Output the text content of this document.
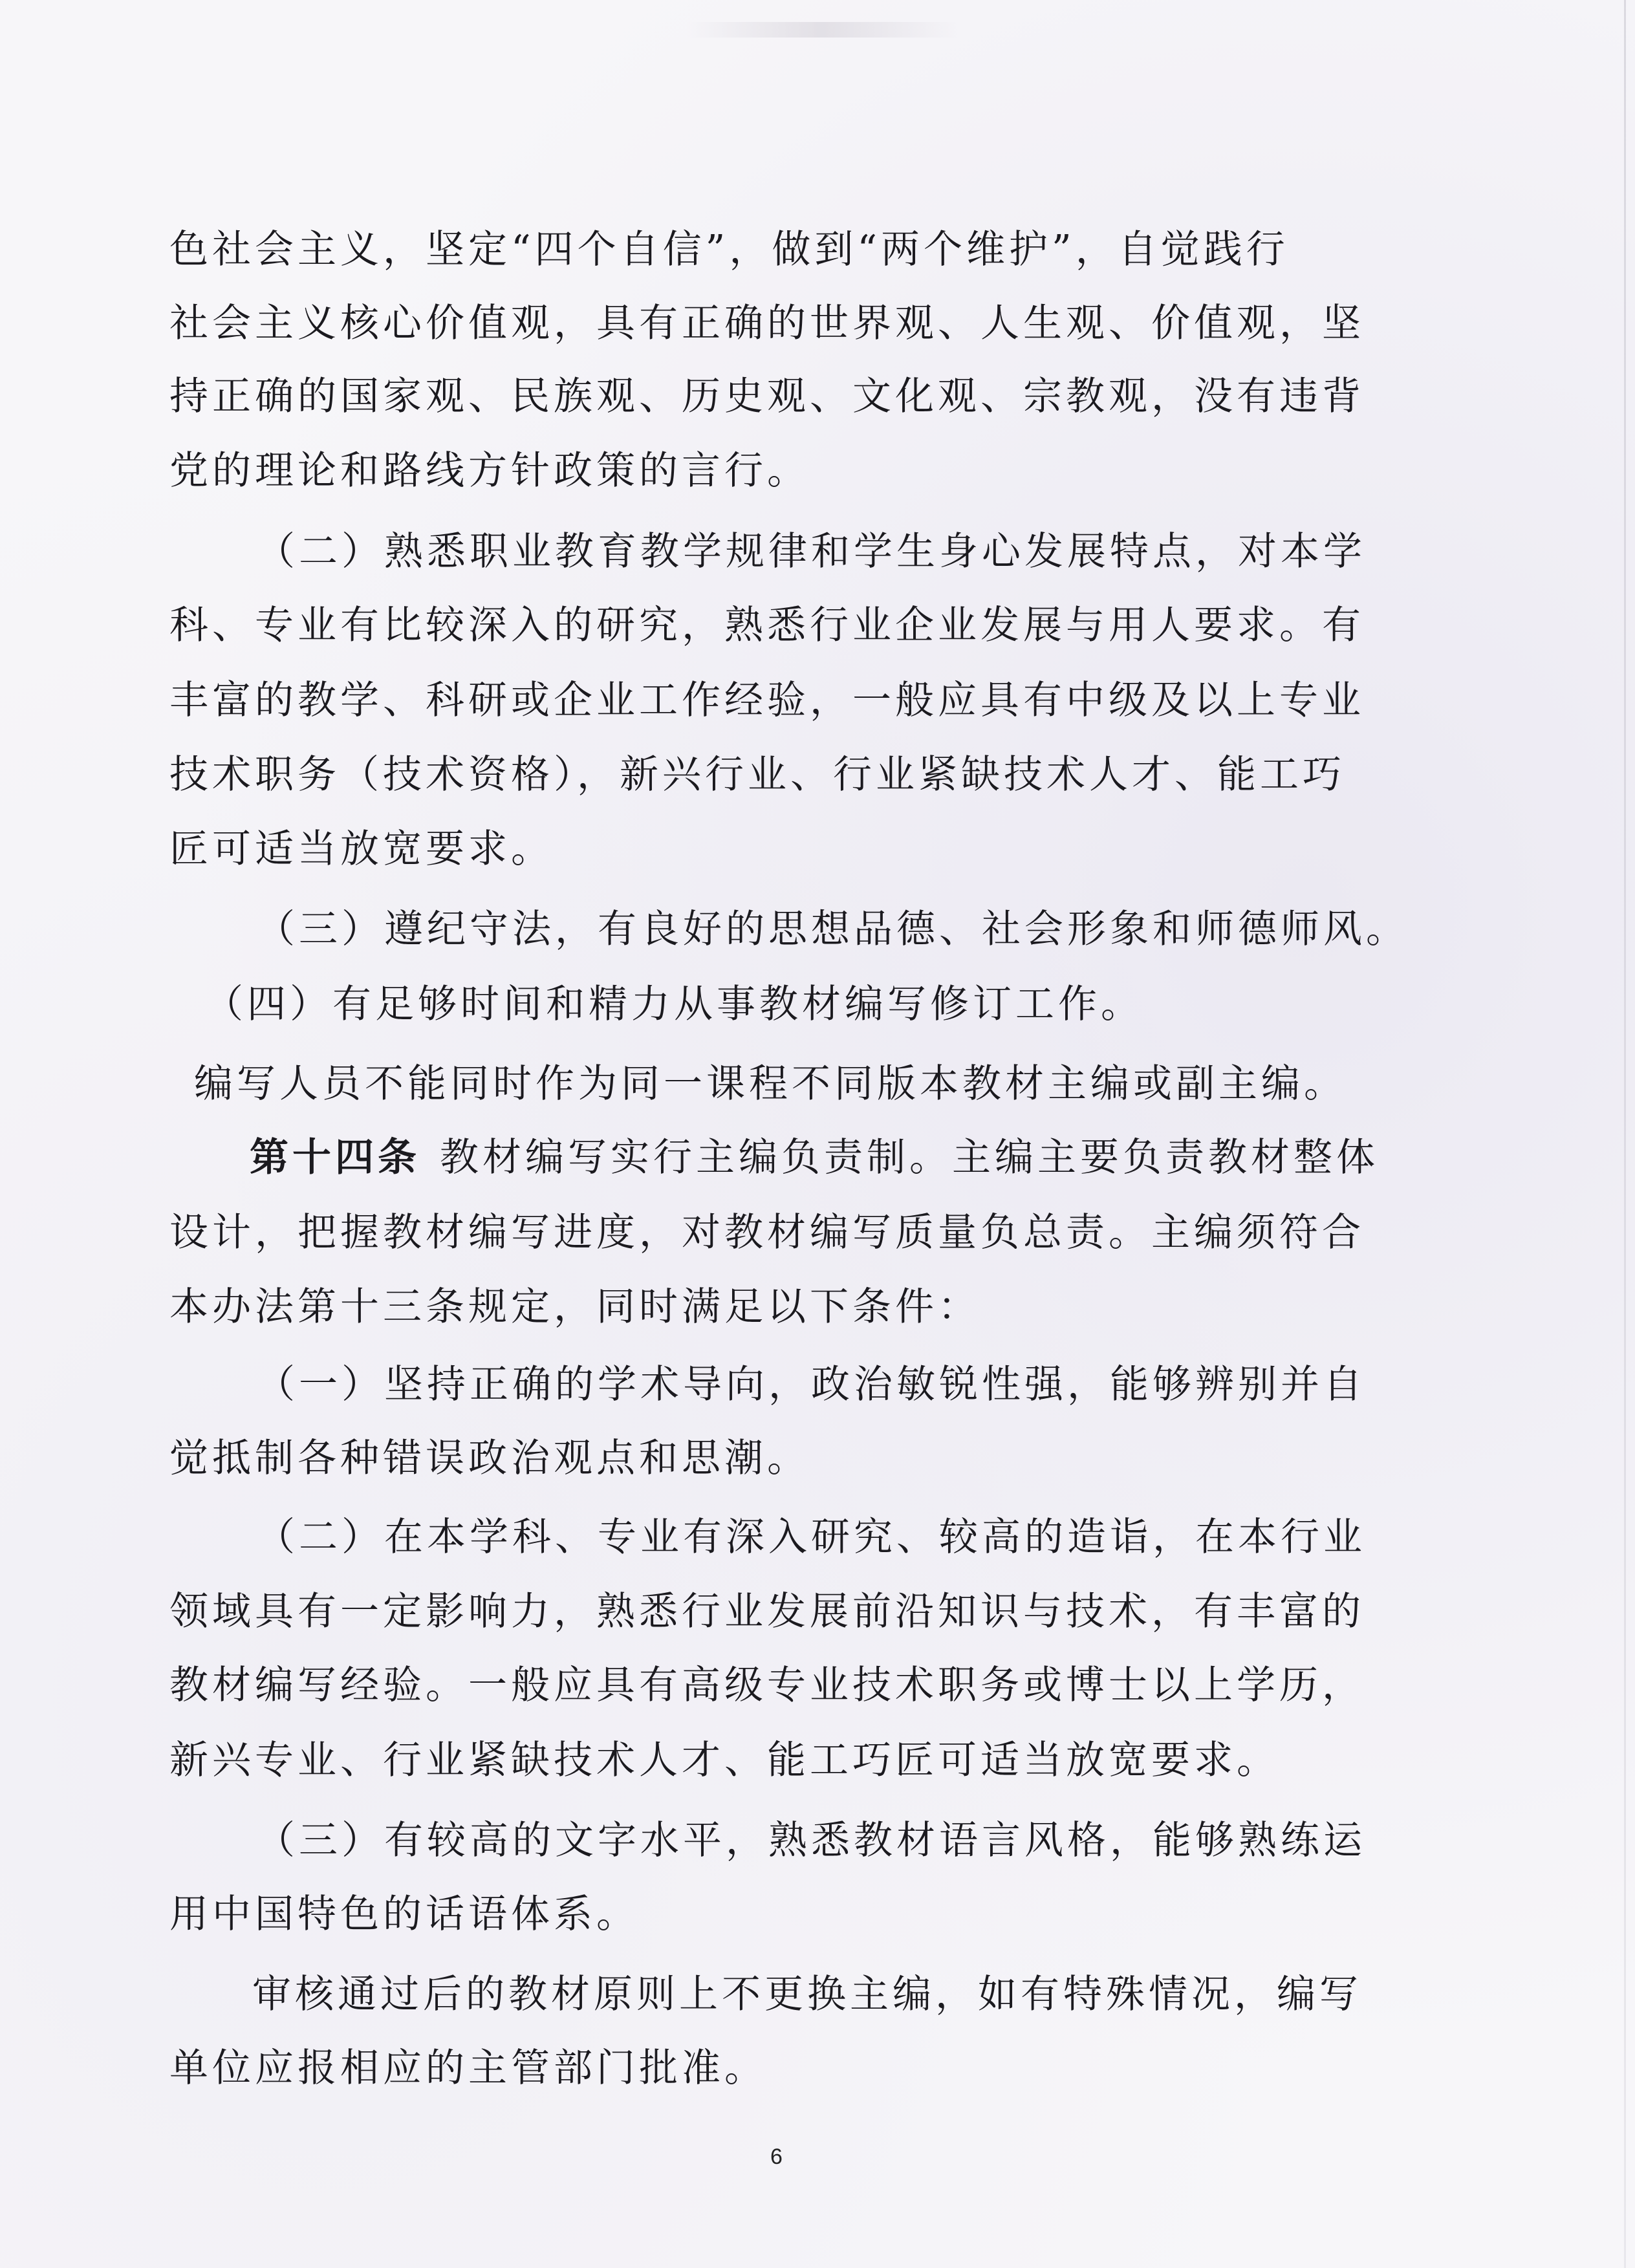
色社会主义，坚定“四个自信”，做到“两个维护”，自觉践行
社会主义核心价值观，具有正确的世界观、人生观、价值观，坚
持正确的国家观、民族观、历史观、文化观、宗教观，没有违背
党的理论和路线方针政策的言行。
（二）熟悉职业教育教学规律和学生身心发展特点，对本学
科、专业有比较深入的研究，熟悉行业企业发展与用人要求。有
丰富的教学、科研或企业工作经验，一般应具有中级及以上专业
技术职务（技术资格），新兴行业、行业紧缺技术人才、能工巧
匠可适当放宽要求。
（三）遵纪守法，有良好的思想品德、社会形象和师德师风。
（四）有足够时间和精力从事教材编写修订工作。
编写人员不能同时作为同一课程不同版本教材主编或副主编。
第十四条 教材编写实行主编负责制。主编主要负责教材整体
设计，把握教材编写进度，对教材编写质量负总责。主编须符合
本办法第十三条规定，同时满足以下条件：
（一）坚持正确的学术导向，政治敏锐性强，能够辨别并自
觉抵制各种错误政治观点和思潮。
（二）在本学科、专业有深入研究、较高的造诣，在本行业
领域具有一定影响力，熟悉行业发展前沿知识与技术，有丰富的
教材编写经验。一般应具有高级专业技术职务或博士以上学历，
新兴专业、行业紧缺技术人才、能工巧匠可适当放宽要求。
（三）有较高的文字水平，熟悉教材语言风格，能够熟练运
用中国特色的话语体系。
审核通过后的教材原则上不更换主编，如有特殊情况，编写
单位应报相应的主管部门批准。
6
